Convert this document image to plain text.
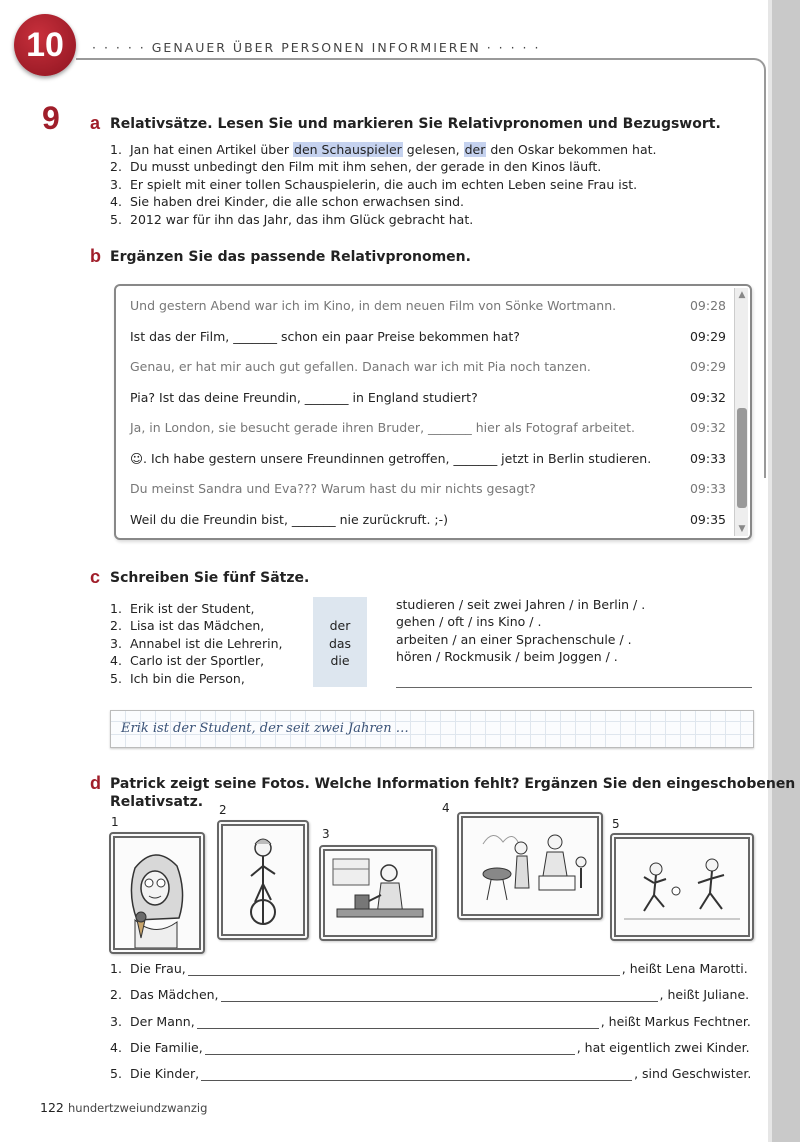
10	· · · · · GENAUER ÜBER PERSONEN INFORMIEREN · · · · ·
9 a Relativsätze. Lesen Sie und markieren Sie Relativpronomen und Bezugswort.
1. Jan hat einen Artikel über den Schauspieler gelesen, der den Oskar bekommen hat.
2. Du musst unbedingt den Film mit ihm sehen, der gerade in den Kinos läuft.
3. Er spielt mit einer tollen Schauspielerin, die auch im echten Leben seine Frau ist.
4. Sie haben drei Kinder, die alle schon erwachsen sind.
5. 2012 war für ihn das Jahr, das ihm Glück gebracht hat.
b Ergänzen Sie das passende Relativpronomen.
Und gestern Abend war ich im Kino, in dem neuen Film von Sönke Wortmann.	09:28
Ist das der Film, _______ schon ein paar Preise bekommen hat?	09:29
Genau, er hat mir auch gut gefallen. Danach war ich mit Pia noch tanzen.	09:29
Pia? Ist das deine Freundin, _______ in England studiert?	09:32
Ja, in London, sie besucht gerade ihren Bruder, _______ hier als Fotograf arbeitet.	09:32
☺. Ich habe gestern unsere Freundinnen getroffen, _______ jetzt in Berlin studieren.	09:33
Du meinst Sandra und Eva??? Warum hast du mir nichts gesagt?	09:33
Weil du die Freundin bist, _______ nie zurückruft. ;-)	09:35
▲
▼
c Schreiben Sie fünf Sätze.
1. Erik ist der Student,
2. Lisa ist das Mädchen,
3. Annabel ist die Lehrerin,
4. Carlo ist der Sportler,
5. Ich bin die Person,
der
das
die
studieren / seit zwei Jahren / in Berlin / .
gehen / oft / ins Kino / .
arbeiten / an einer Sprachenschule / .
hören / Rockmusik / beim Joggen / .
Erik ist der Student, der seit zwei Jahren …
d Patrick zeigt seine Fotos. Welche Information fehlt? Ergänzen Sie den eingeschobenen
Relativsatz.
1
2
3
4
5
1. Die Frau,	, heißt Lena Marotti.
2. Das Mädchen,	, heißt Juliane.
3. Der Mann,	, heißt Markus Fechtner.
4. Die Familie,	, hat eigentlich zwei Kinder.
5. Die Kinder,	, sind Geschwister.
122 hundertzweiundzwanzig
